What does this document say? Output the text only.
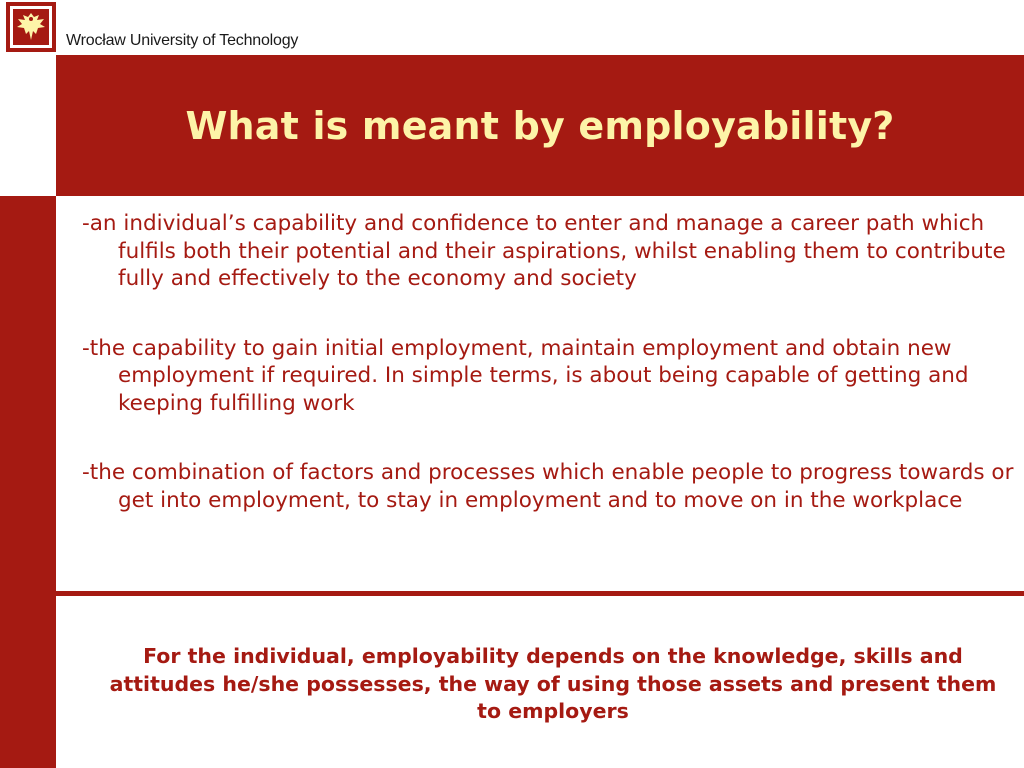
Wrocław University of Technology
What is meant by employability?
-an individual’s capability and confidence to enter and manage a career path which fulfils both their potential and their aspirations, whilst enabling them to contribute fully and effectively to the economy and society
-the capability to gain initial employment, maintain employment and obtain new employment if required. In simple terms, is about being capable of getting and keeping fulfilling work
-the combination of factors and processes which enable people to progress towards or get into employment, to stay in employment and to move on in the workplace

For the individual, employability depends on the knowledge, skills and attitudes he/she possesses, the way of using those assets and present them to employers
